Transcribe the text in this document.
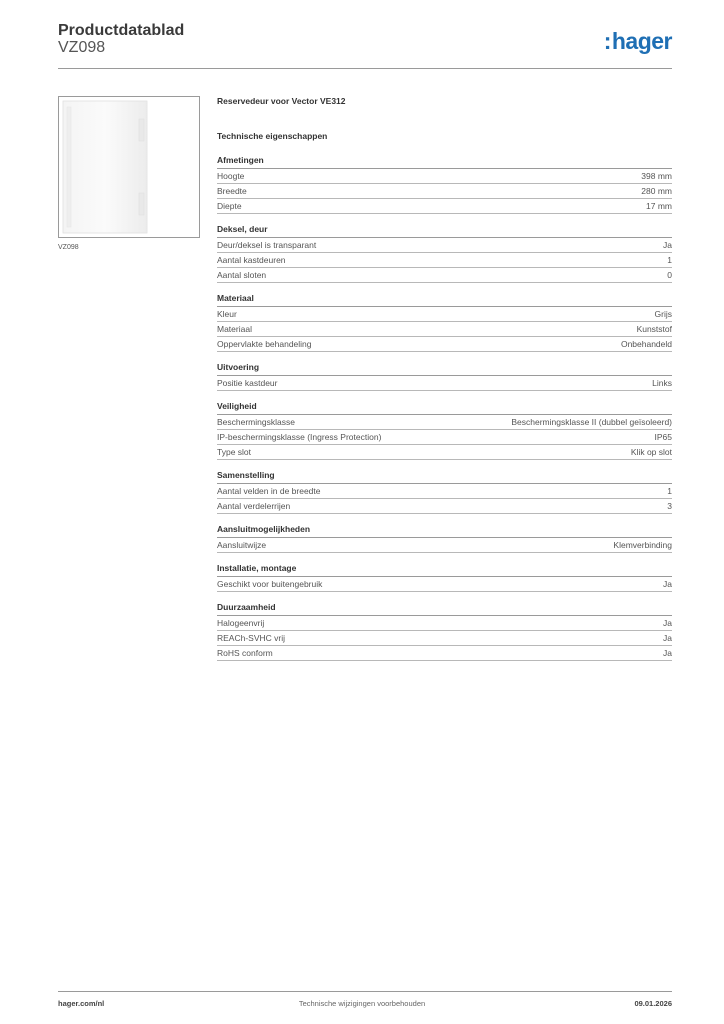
Productdatablad
VZ098	:hager
VZ098
Reservedeur voor Vector VE312
Technische eigenschappen
Afmetingen
Hoogte	398 mm
Breedte	280 mm
Diepte	17 mm
Deksel, deur
Deur/deksel is transparant	Ja
Aantal kastdeuren	1
Aantal sloten	0
Materiaal
Kleur	Grijs
Materiaal	Kunststof
Oppervlakte behandeling	Onbehandeld
Uitvoering
Positie kastdeur	Links
Veiligheid
Beschermingsklasse	Beschermingsklasse II (dubbel geïsoleerd)
IP-beschermingsklasse (Ingress Protection)	IP65
Type slot	Klik op slot
Samenstelling
Aantal velden in de breedte	1
Aantal verdelerrijen	3
Aansluitmogelijkheden
Aansluitwijze	Klemverbinding
Installatie, montage
Geschikt voor buitengebruik	Ja
Duurzaamheid
Halogeenvrij	Ja
REACh-SVHC vrij	Ja
RoHS conform	Ja
hager.com/nl	Technische wijzigingen voorbehouden	09.01.2026
